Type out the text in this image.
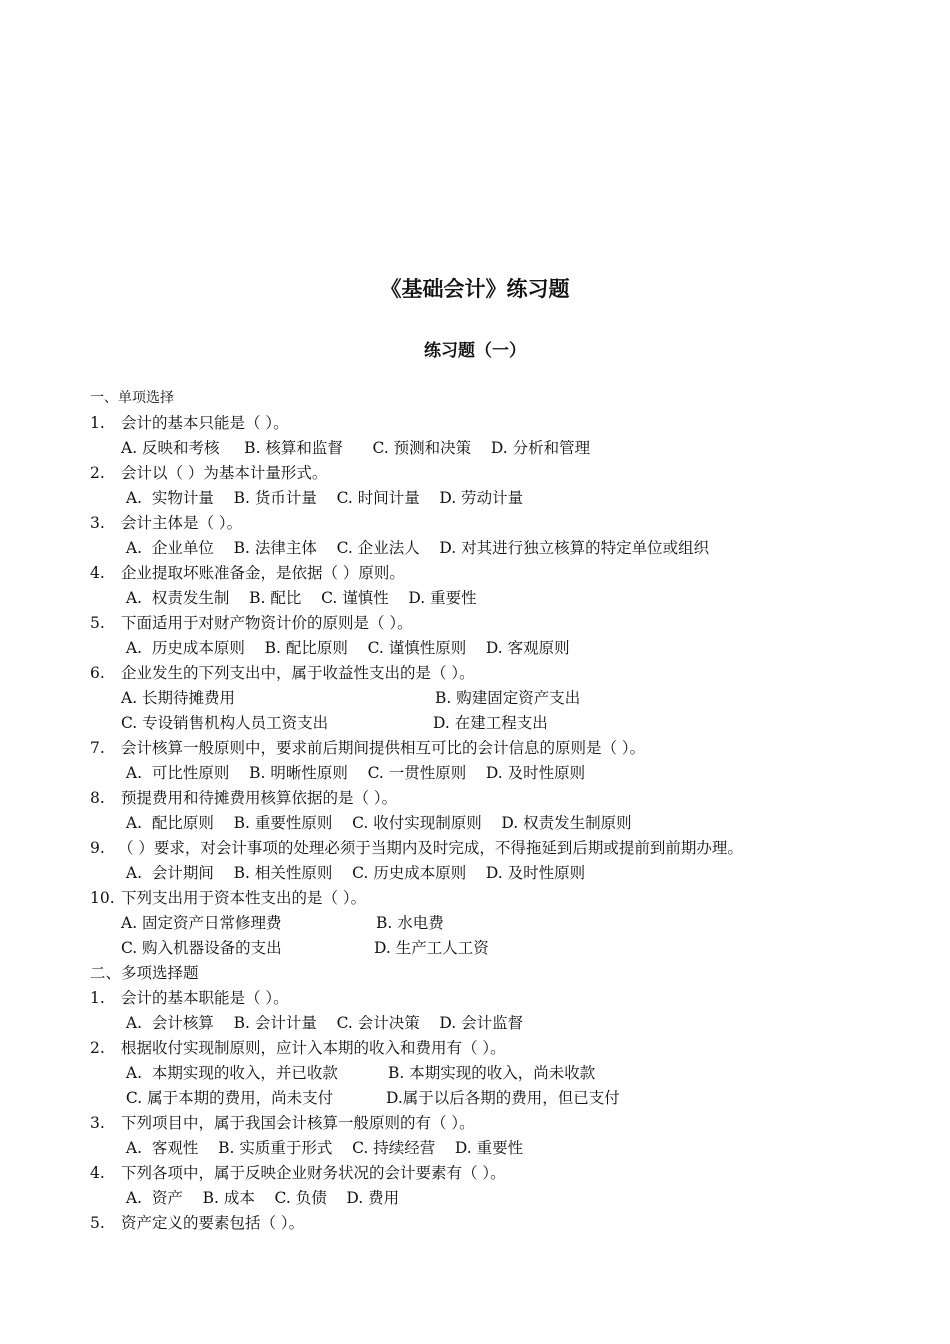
《基础会计》练习题
练习题（一）
一、单项选择
1. 会计的基本只能是（ ）。
A. 反映和考核     B. 核算和监督      C. 预测和决策    D. 分析和管理
2. 会计以（ ）为基本计量形式。
A.  实物计量    B. 货币计量    C. 时间计量    D. 劳动计量
3. 会计主体是（ ）。
A.  企业单位    B. 法律主体    C. 企业法人    D. 对其进行独立核算的特定单位或组织
4. 企业提取坏账准备金，是依据（ ）原则。
A.  权责发生制    B. 配比    C. 谨慎性    D. 重要性
5. 下面适用于对财产物资计价的原则是（ ）。
A.  历史成本原则    B. 配比原则    C. 谨慎性原则    D. 客观原则
6. 企业发生的下列支出中，属于收益性支出的是（ ）。
A. 长期待摊费用	B. 购建固定资产支出
C. 专设销售机构人员工资支出	D. 在建工程支出
7. 会计核算一般原则中，要求前后期间提供相互可比的会计信息的原则是（ ）。
A.  可比性原则    B. 明晰性原则    C. 一贯性原则    D. 及时性原则
8. 预提费用和待摊费用核算依据的是（ ）。
A.  配比原则    B. 重要性原则    C. 收付实现制原则    D. 权责发生制原则
9. （ ）要求，对会计事项的处理必须于当期内及时完成，不得拖延到后期或提前到前期办理。
A.  会计期间    B. 相关性原则    C. 历史成本原则    D. 及时性原则
10. 下列支出用于资本性支出的是（ ）。
A. 固定资产日常修理费	B. 水电费
C. 购入机器设备的支出	D. 生产工人工资
二、多项选择题
1. 会计的基本职能是（ ）。
A.  会计核算    B. 会计计量    C. 会计决策    D. 会计监督
2. 根据收付实现制原则，应计入本期的收入和费用有（ ）。
A.  本期实现的收入，并已收款	B. 本期实现的收入，尚未收款
C. 属于本期的费用，尚未支付	D.属于以后各期的费用，但已支付
3. 下列项目中，属于我国会计核算一般原则的有（ ）。
A.  客观性    B. 实质重于形式    C. 持续经营    D. 重要性
4. 下列各项中，属于反映企业财务状况的会计要素有（ ）。
A.  资产    B. 成本    C. 负债    D. 费用
5. 资产定义的要素包括（ ）。
